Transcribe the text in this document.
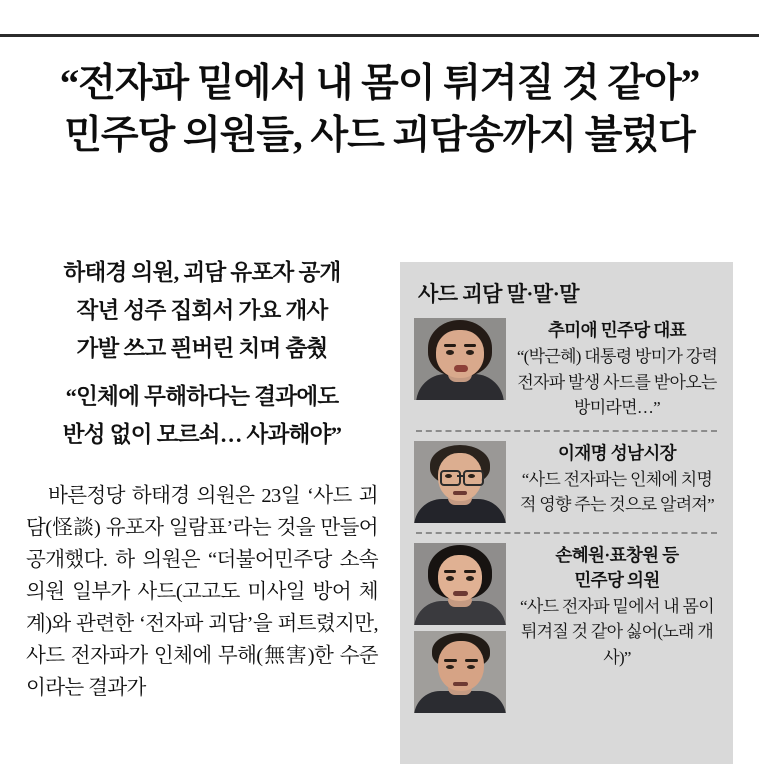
“전자파 밑에서 내 몸이 튀겨질 것 같아”
민주당 의원들, 사드 괴담송까지 불렀다
하태경 의원, 괴담 유포자 공개
작년 성주 집회서 가요 개사
가발 쓰고 픤버린 치며 춤췄
“인체에 무해하다는 결과에도
반성 없이 모르쇠… 사과해야”
바른정당 하태경 의원은 23일 ‘사드 괴담(怪談) 유포자 일람표’라는 것을 만들어 공개했다. 하 의원은 “더불어민주당 소속 의원 일부가 사드(고고도 미사일 방어 체계)와 관련한 ‘전자파 괴담’을 퍼트렸지만, 사드 전자파가 인체에 무해(無害)한 수준이라는 결과가
사드 괴담 말·말·말
추미애 민주당 대표
“(박근혜) 대통령 방미가 강력 전자파 발생 사드를 받아오는 방미라면…”
이재명 성남시장
“사드 전자파는 인체에 치명적 영향 주는 것으로 알려져”
손혜원·표창원 등
민주당 의원
“사드 전자파 밑에서 내 몸이 튀겨질 것 같아 싫어(노래 개사)”
